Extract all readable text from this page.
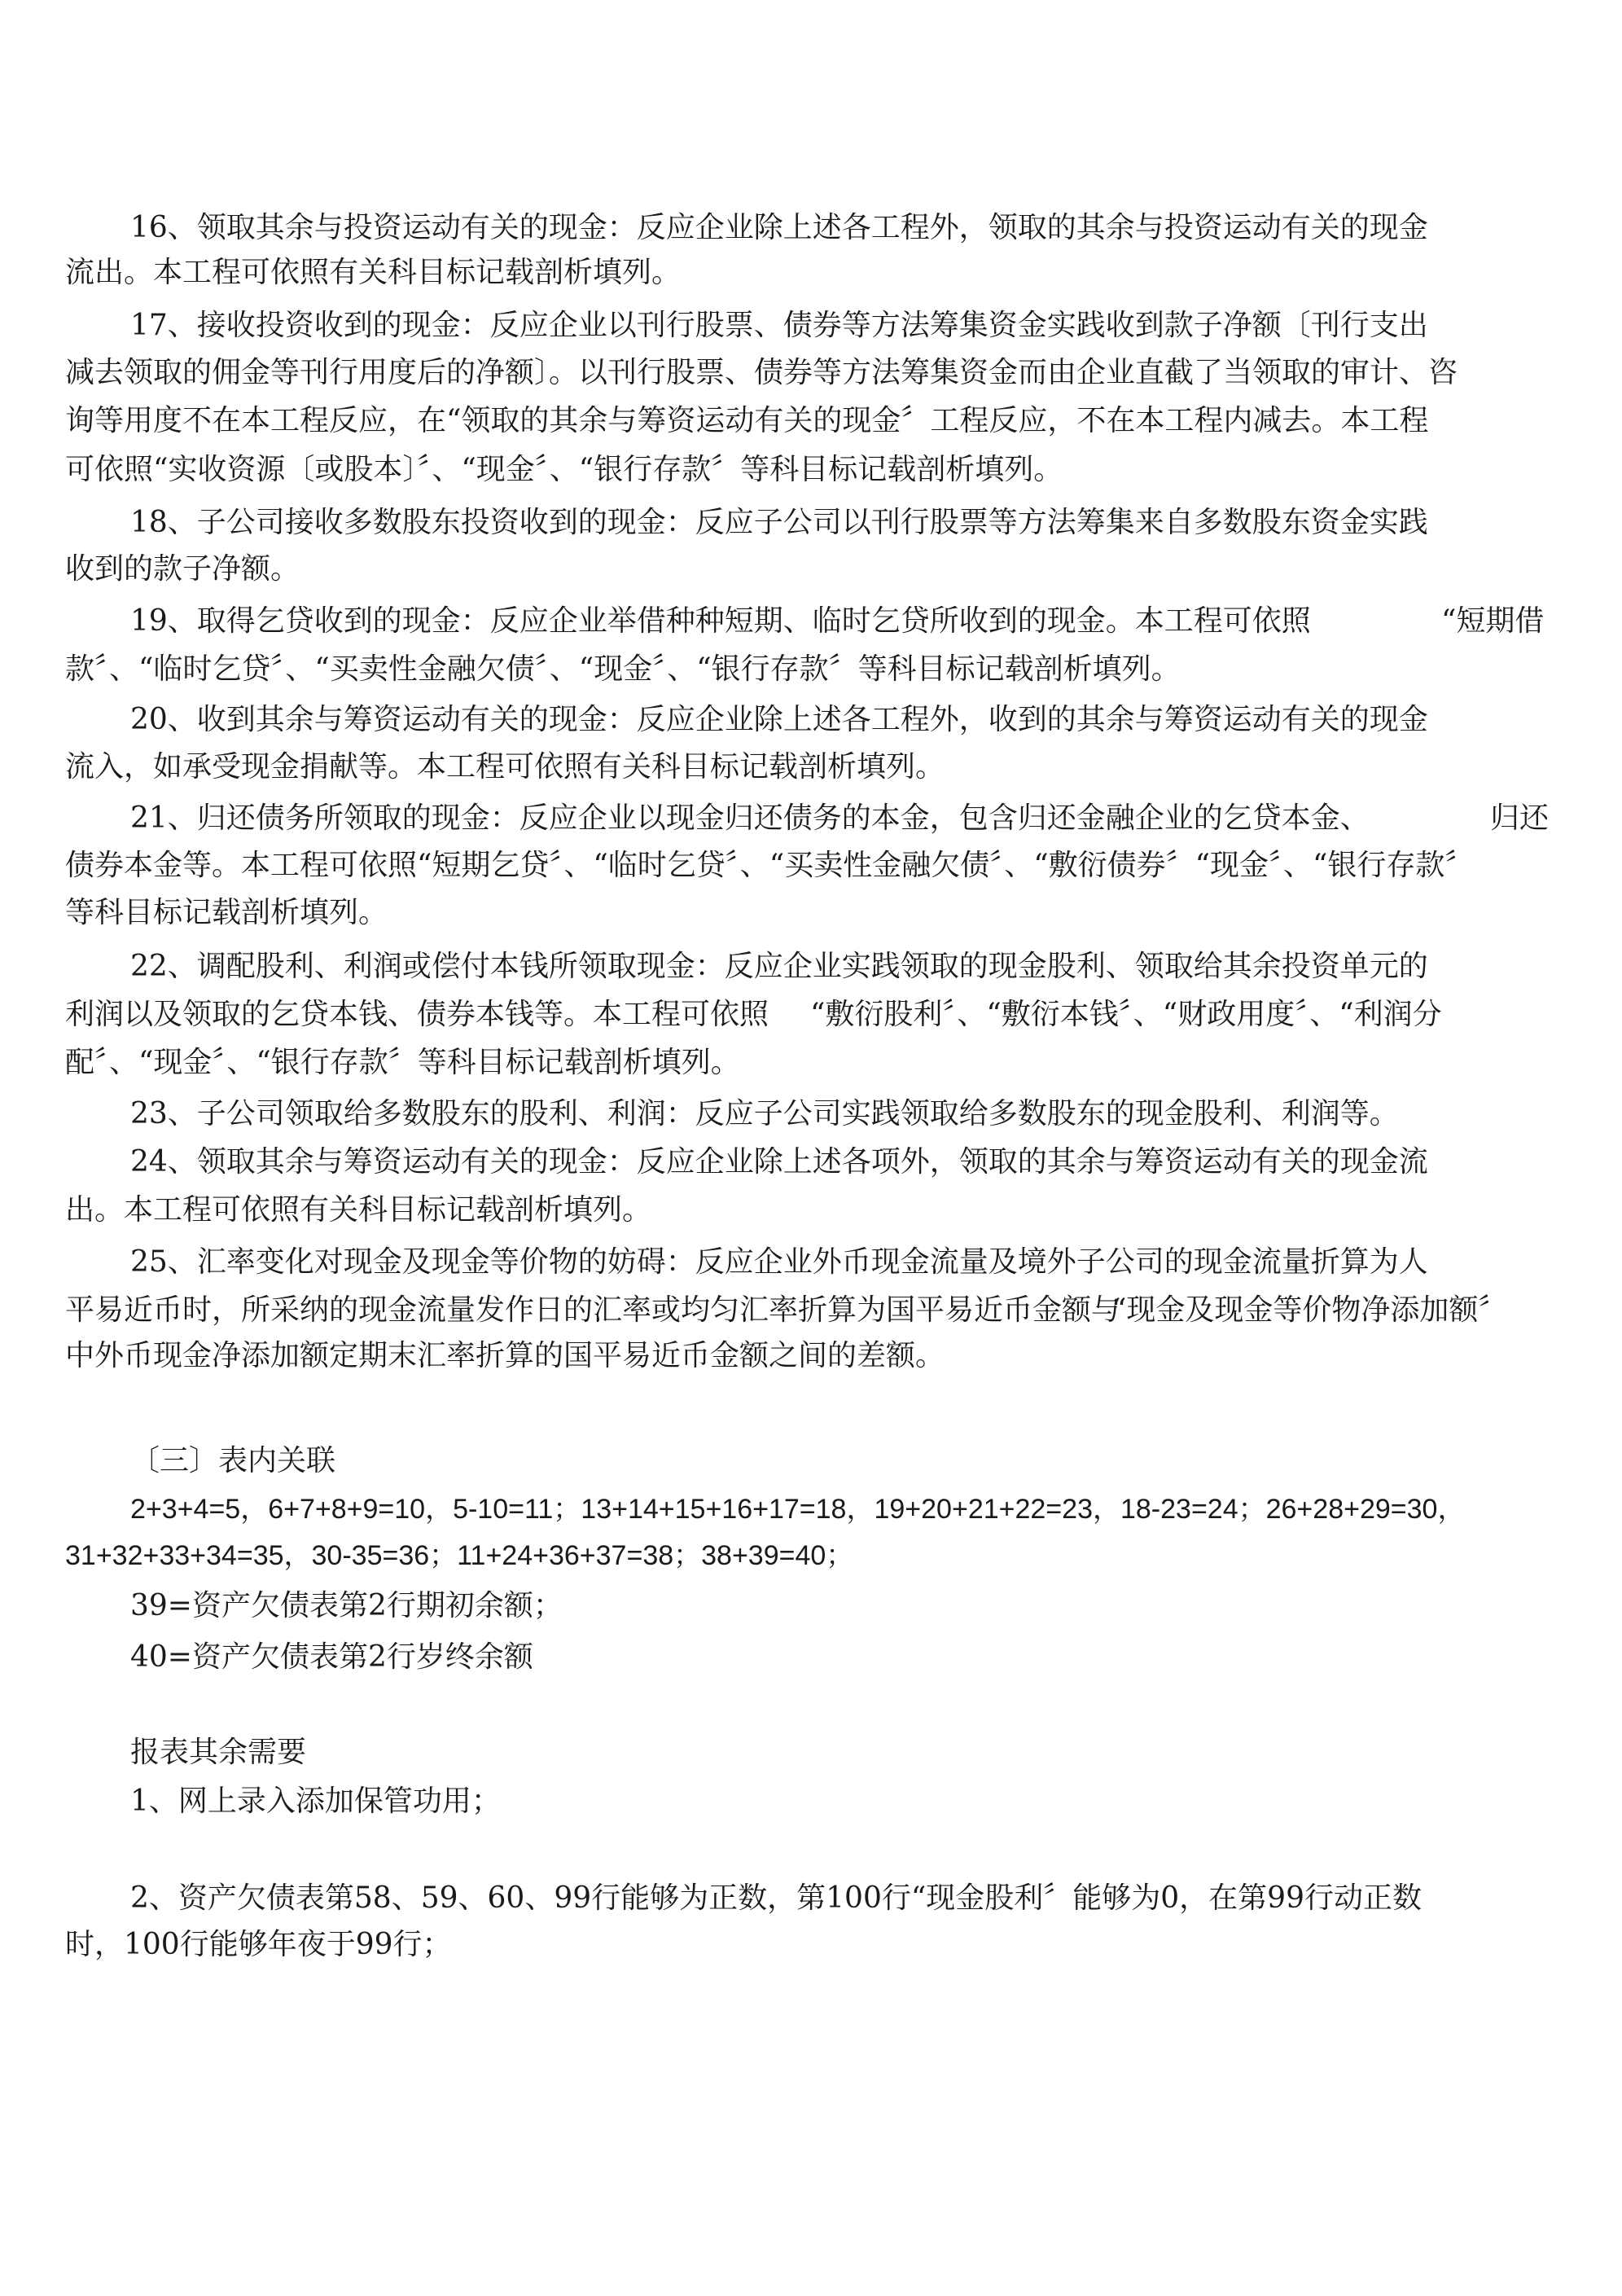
16、领取其余与投资运动有关的现金：反应企业除上述各工程外，领取的其余与投资运动有关的现金
流出。本工程可依照有关科目标记载剖析填列。
17、接收投资收到的现金：反应企业以刊行股票、债券等方法筹集资金实践收到款子净额〔刊行支出
减去领取的佣金等刊行用度后的净额〕。以刊行股票、债券等方法筹集资金而由企业直截了当领取的审计、咨
询等用度不在本工程反应，在“领取的其余与筹资运动有关的现金〞工程反应，不在本工程内减去。本工程
可依照“实收资源〔或股本〕〞、“现金〞、“银行存款〞等科目标记载剖析填列。
18、子公司接收多数股东投资收到的现金：反应子公司以刊行股票等方法筹集来自多数股东资金实践
收到的款子净额。
19、取得乞贷收到的现金：反应企业举借种种短期、临时乞贷所收到的现金。本工程可依照	“短期借
款〞、“临时乞贷〞、“买卖性金融欠债〞、“现金〞、“银行存款〞等科目标记载剖析填列。
20、收到其余与筹资运动有关的现金：反应企业除上述各工程外，收到的其余与筹资运动有关的现金
流入，如承受现金捐献等。本工程可依照有关科目标记载剖析填列。
21、归还债务所领取的现金：反应企业以现金归还债务的本金，包含归还金融企业的乞贷本金、	归还
债券本金等。本工程可依照“短期乞贷〞、“临时乞贷〞、“买卖性金融欠债〞、“敷衍债券〞“现金〞、“银行存款〞
等科目标记载剖析填列。
22、调配股利、利润或偿付本钱所领取现金：反应企业实践领取的现金股利、领取给其余投资单元的
利润以及领取的乞贷本钱、债券本钱等。本工程可依照 “敷衍股利〞、“敷衍本钱〞、“财政用度〞、“利润分
配〞、“现金〞、“银行存款〞等科目标记载剖析填列。
23、子公司领取给多数股东的股利、利润：反应子公司实践领取给多数股东的现金股利、利润等。
24、领取其余与筹资运动有关的现金：反应企业除上述各项外，领取的其余与筹资运动有关的现金流
出。本工程可依照有关科目标记载剖析填列。
25、汇率变化对现金及现金等价物的妨碍：反应企业外币现金流量及境外子公司的现金流量折算为人
平易近币时，所采纳的现金流量发作日的汇率或均匀汇率折算为国平易近币金额与
“现金及现金等价物净添加额〞
中外币现金净添加额定期末汇率折算的国平易近币金额之间的差额。
〔三〕表内关联
2+3+4=5，6+7+8+9=10，5-10=11；13+14+15+16+17=18，19+20+21+22=23，18-23=24；26+28+29=30，
31+32+33+34=35，30-35=36；11+24+36+37=38；38+39=40；
39=资产欠债表第2行期初余额；
40=资产欠债表第2行岁终余额
报表其余需要
1、网上录入添加保管功用；
2、资产欠债表第58、59、60、99行能够为正数，第100行“现金股利〞能够为0，在第99行动正数
时，100行能够年夜于99行；
